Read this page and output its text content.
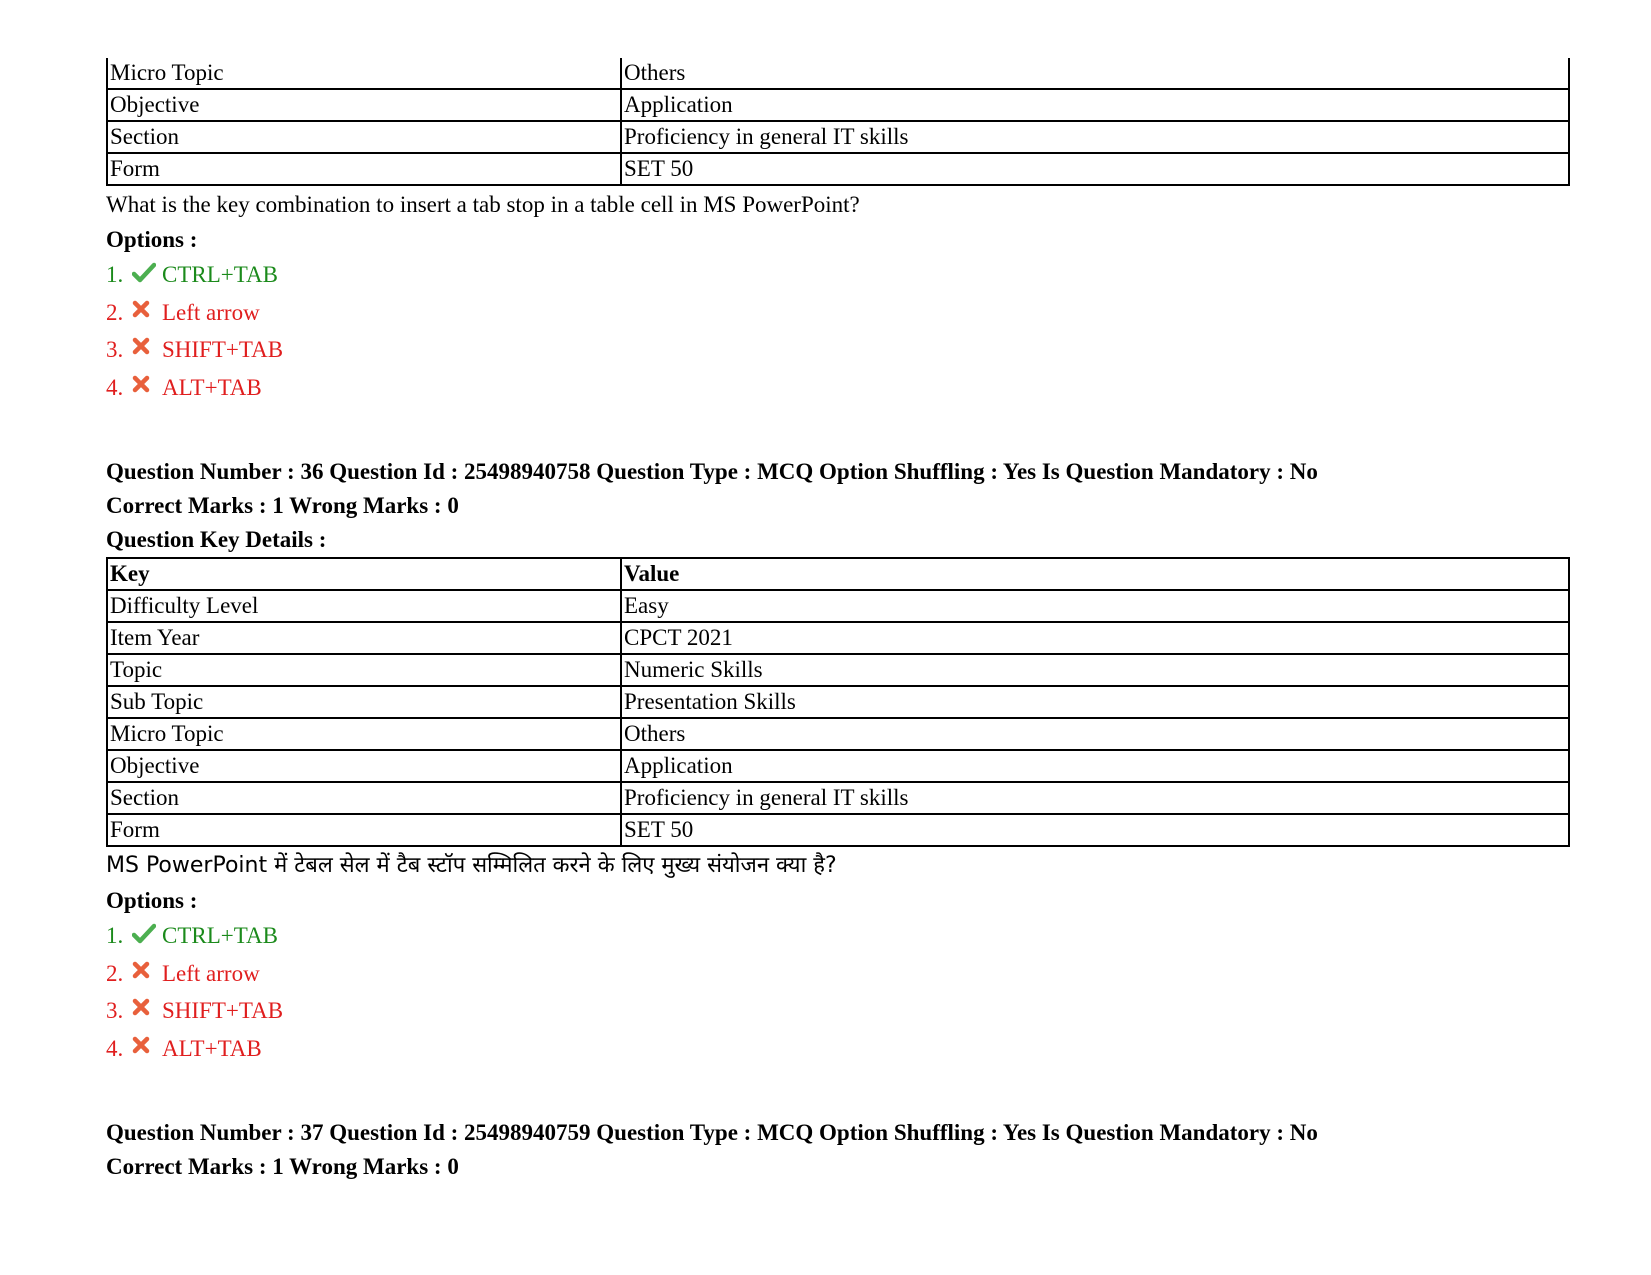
Micro Topic	Others
Objective	Application
Section	Proficiency in general IT skills
Form	SET 50
What is the key combination to insert a tab stop in a table cell in MS PowerPoint?
Options :
1.	CTRL+TAB
2.	Left arrow
3.	SHIFT+TAB
4.	ALT+TAB
Question Number : 36 Question Id : 25498940758 Question Type : MCQ Option Shuffling : Yes Is Question Mandatory : No
Correct Marks : 1 Wrong Marks : 0
Question Key Details :
Key	Value
Difficulty Level	Easy
Item Year	CPCT 2021
Topic	Numeric Skills
Sub Topic	Presentation Skills
Micro Topic	Others
Objective	Application
Section	Proficiency in general IT skills
Form	SET 50
MS PowerPoint में टेबल सेल में टैब स्टॉप सम्मिलित करने के लिए मुख्य संयोजन क्या है?
Options :
1.	CTRL+TAB
2.	Left arrow
3.	SHIFT+TAB
4.	ALT+TAB
Question Number : 37 Question Id : 25498940759 Question Type : MCQ Option Shuffling : Yes Is Question Mandatory : No
Correct Marks : 1 Wrong Marks : 0
